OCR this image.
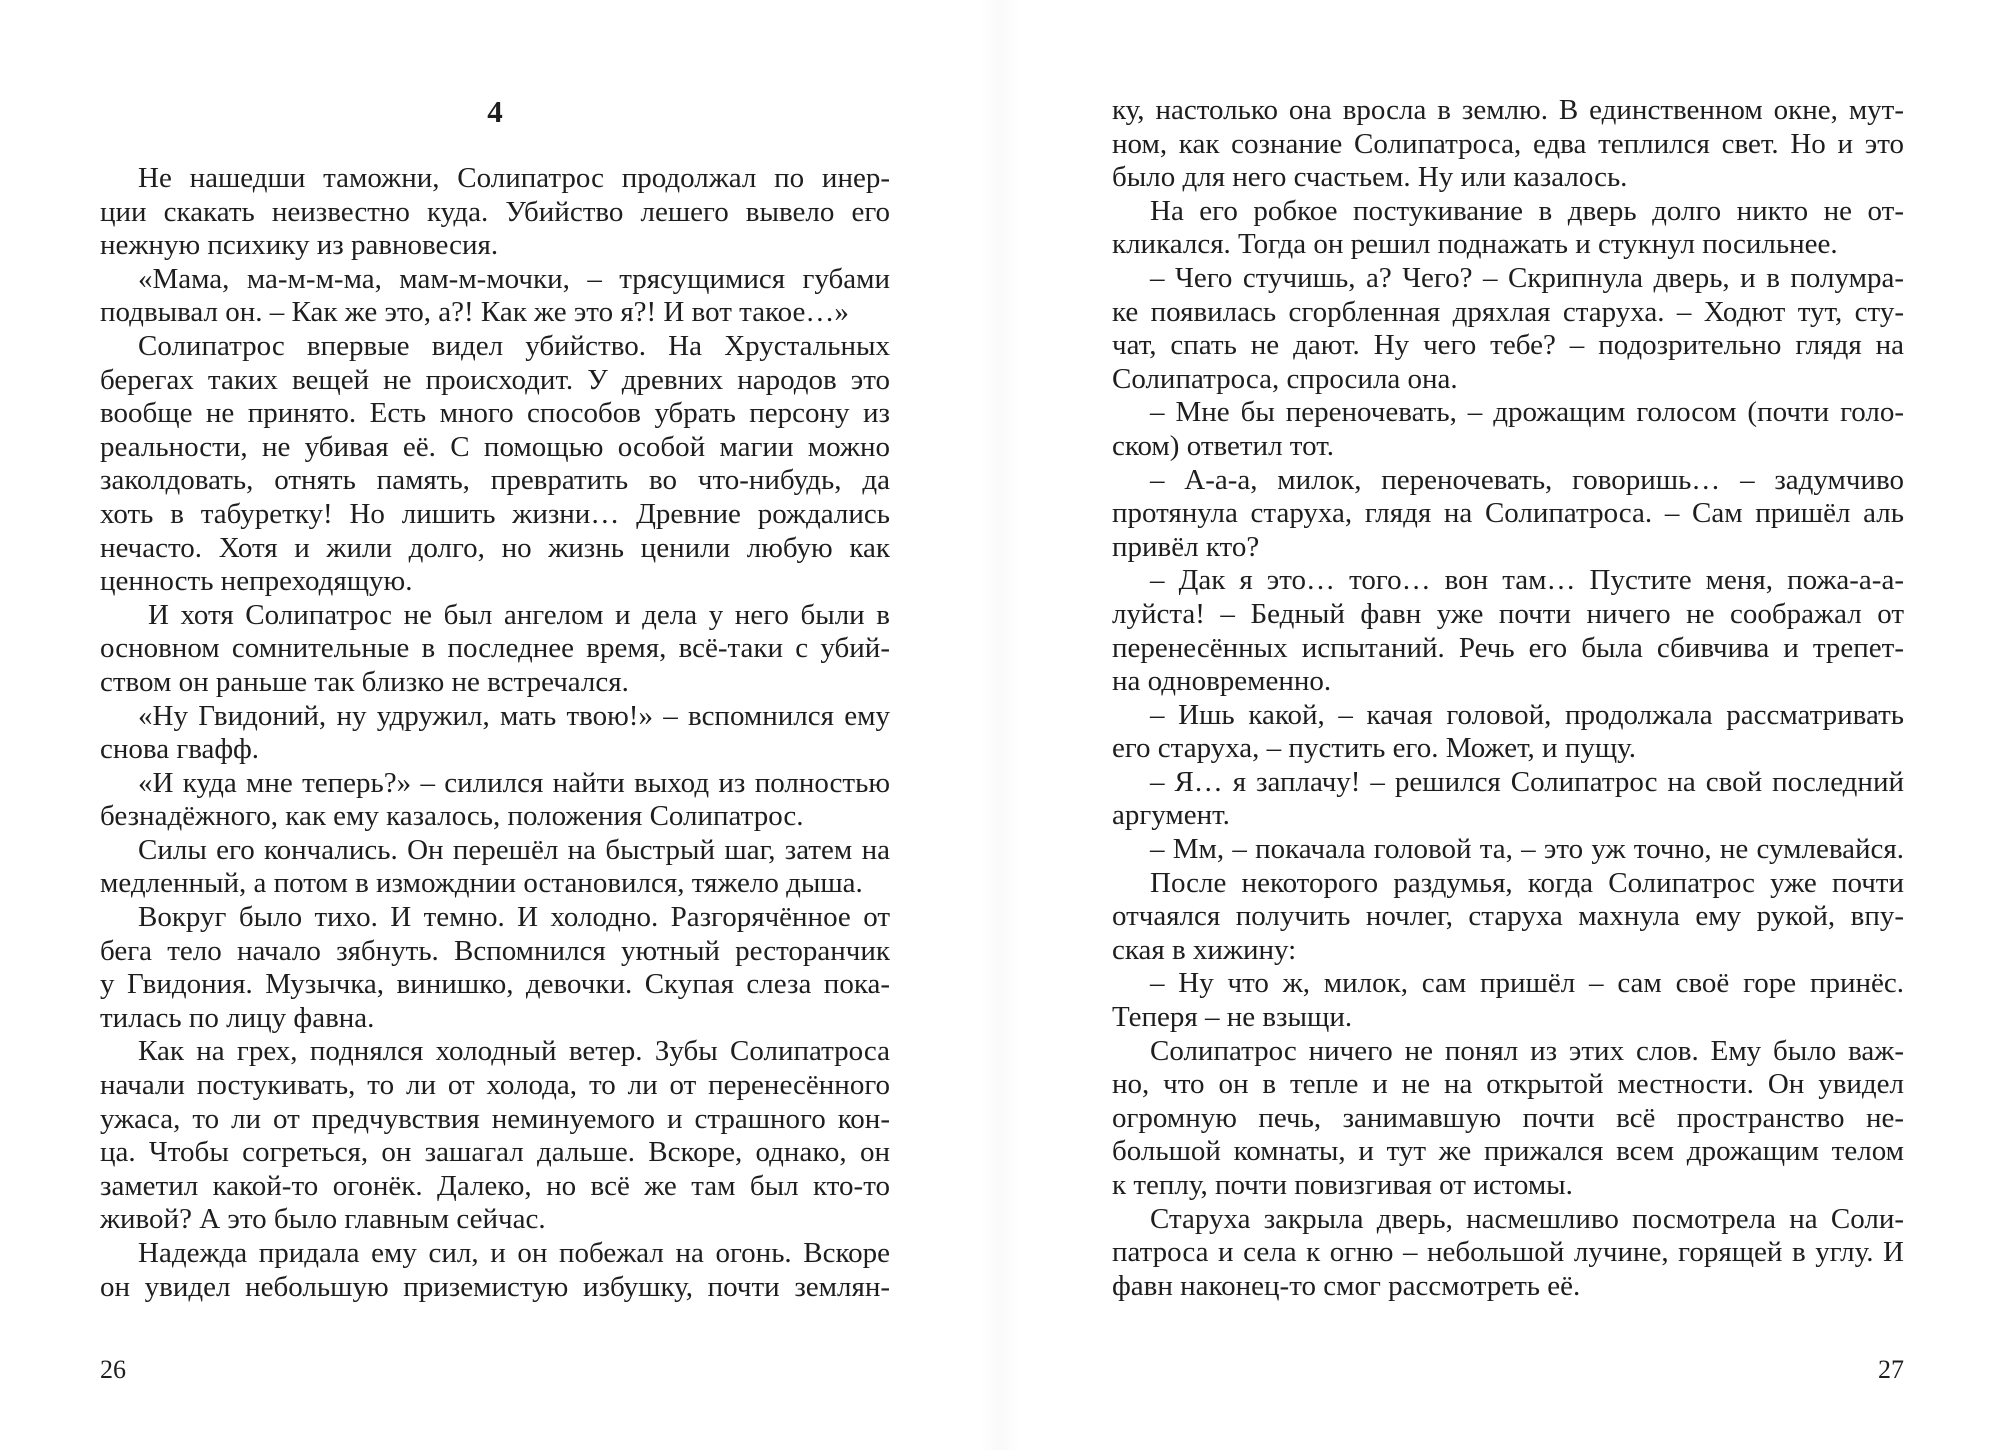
4
Не нашедши таможни, Солипатрос продолжал по инер-
ции скакать неизвестно куда. Убийство лешего вывело его
нежную психику из равновесия.
«Мама, ма-м-м-ма, мам-м-мочки, – трясущимися губами
подвывал он. – Как же это, а?! Как же это я?! И вот такое…»
Солипатрос впервые видел убийство. На Хрустальных
берегах таких вещей не происходит. У древних народов это
вообще не принято. Есть много способов убрать персону из
реальности, не убивая её. С помощью особой магии можно
заколдовать, отнять память, превратить во что-нибудь, да
хоть в табуретку! Но лишить жизни… Древние рождались
нечасто. Хотя и жили долго, но жизнь ценили любую как
ценность непреходящую.
И хотя Солипатрос не был ангелом и дела у него были в
основном сомнительные в последнее время, всё-таки с убий-
ством он раньше так близко не встречался.
«Ну Гвидоний, ну удружил, мать твою!» – вспомнился ему
снова гвафф.
«И куда мне теперь?» – силился найти выход из полностью
безнадёжного, как ему казалось, положения Солипатрос.
Силы его кончались. Он перешёл на быстрый шаг, затем на
медленный, а потом в изможднии остановился, тяжело дыша.
Вокруг было тихо. И темно. И холодно. Разгорячённое от
бега тело начало зябнуть. Вспомнился уютный ресторанчик
у Гвидония. Музычка, винишко, девочки. Скупая слеза пока-
тилась по лицу фавна.
Как на грех, поднялся холодный ветер. Зубы Солипатроса
начали постукивать, то ли от холода, то ли от перенесённого
ужаса, то ли от предчувствия неминуемого и страшного кон-
ца. Чтобы согреться, он зашагал дальше. Вскоре, однако, он
заметил какой-то огонёк. Далеко, но всё же там был кто-то
живой? А это было главным сейчас.
Надежда придала ему сил, и он побежал на огонь. Вскоре
он увидел небольшую приземистую избушку, почти землян-
26
ку, настолько она вросла в землю. В единственном окне, мут-
ном, как сознание Солипатроса, едва теплился свет. Но и это
было для него счастьем. Ну или казалось.
На его робкое постукивание в дверь долго никто не от-
кликался. Тогда он решил поднажать и стукнул посильнее.
– Чего стучишь, а? Чего? – Скрипнула дверь, и в полумра-
ке появилась сгорбленная дряхлая старуха. – Ходют тут, сту-
чат, спать не дают. Ну чего тебе? – подозрительно глядя на
Солипатроса, спросила она.
– Мне бы переночевать, – дрожащим голосом (почти голо-
ском) ответил тот.
– А-а-а, милок, переночевать, говоришь… – задумчиво
протянула старуха, глядя на Солипатроса. – Сам пришёл аль
привёл кто?
– Дак я это… того… вон там… Пустите меня, пожа-а-а-
луйста! – Бедный фавн уже почти ничего не соображал от
перенесённых испытаний. Речь его была сбивчива и трепет-
на одновременно.
– Ишь какой, – качая головой, продолжала рассматривать
его старуха, – пустить его. Может, и пущу.
– Я… я заплачу! – решился Солипатрос на свой последний
аргумент.
– Мм, – покачала головой та, – это уж точно, не сумлевайся.
После некоторого раздумья, когда Солипатрос уже почти
отчаялся получить ночлег, старуха махнула ему рукой, впу-
ская в хижину:
– Ну что ж, милок, сам пришёл – сам своё горе принёс.
Теперя – не взыщи.
Солипатрос ничего не понял из этих слов. Ему было важ-
но, что он в тепле и не на открытой местности. Он увидел
огромную печь, занимавшую почти всё пространство не-
большой комнаты, и тут же прижался всем дрожащим телом
к теплу, почти повизгивая от истомы.
Старуха закрыла дверь, насмешливо посмотрела на Соли-
патроса и села к огню – небольшой лучине, горящей в углу. И
фавн наконец-то смог рассмотреть её.
27
